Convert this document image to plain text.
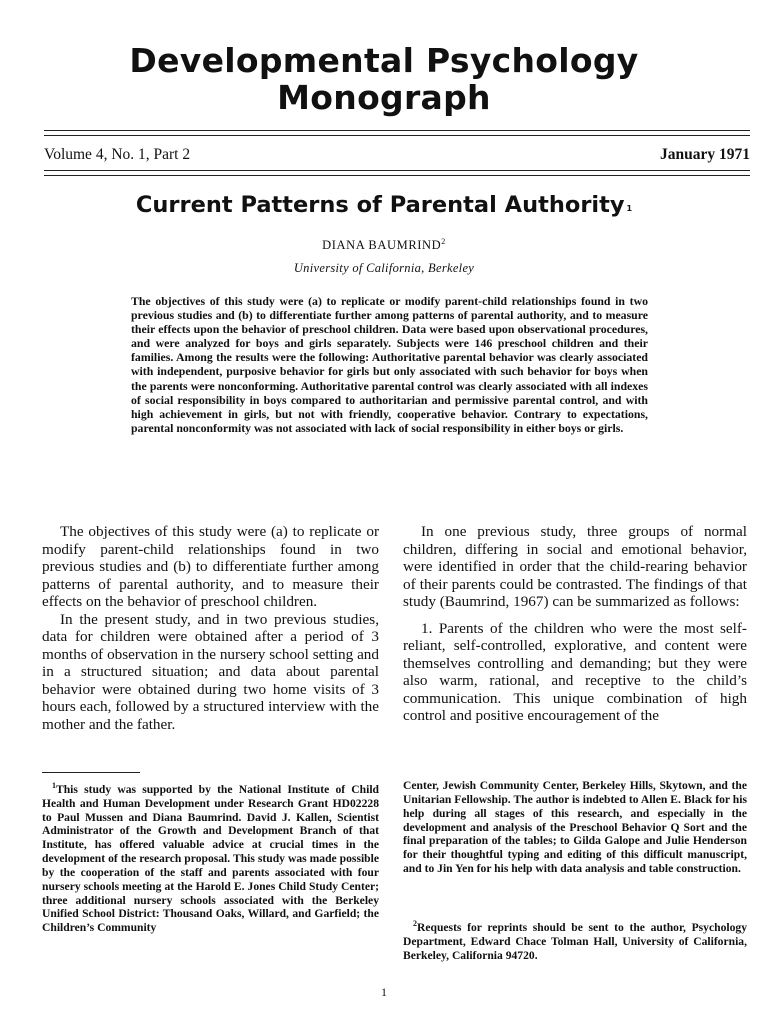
Developmental Psychology
Monograph
Volume 4, No. 1, Part 2	January 1971
Current Patterns of Parental Authority $^1$
DIANA BAUMRIND$^2$
University of California, Berkeley

The objectives of this study were (a) to replicate or modify parent-child relationships found in two previous studies and (b) to differentiate further among patterns of parental authority, and to measure their effects upon the behavior of preschool children. Data were based upon observational procedures, and were analyzed for boys and girls separately. Subjects were 146 preschool children and their families. Among the results were the following: Authoritative parental behavior was clearly associated with independent, purposive behavior for girls but only associated with such behavior for boys when the parents were nonconforming. Authoritative parental control was clearly associated with all indexes of social responsibility in boys compared to authoritarian and permissive parental control, and with high achievement in girls, but not with friendly, cooperative behavior. Contrary to expectations, parental nonconformity was not associated with lack of social responsibility in either boys or girls.

The objectives of this study were (a) to replicate or modify parent-child relationships found in two previous studies and (b) to differentiate further among patterns of parental authority, and to measure their effects on the behavior of preschool children.

In the present study, and in two previous studies, data for children were obtained after a period of 3 months of observation in the nursery school setting and in a structured situation; and data about parental behavior were obtained during two home visits of 3 hours each, followed by a structured interview with the mother and the father.

In one previous study, three groups of normal children, differing in social and emotional behavior, were identified in order that the child-rearing behavior of their parents could be contrasted. The findings of that study (Baumrind, 1967) can be summarized as follows:

1. Parents of the children who were the most self-reliant, self-controlled, explorative, and content were themselves controlling and demanding; but they were also warm, rational, and receptive to the child’s communication. This unique combination of high control and positive encouragement of the

$^1$This study was supported by the National Institute of Child Health and Human Development under Research Grant HD02228 to Paul Mussen and Diana Baumrind. David J. Kallen, Scientist Administrator of the Growth and Development Branch of that Institute, has offered valuable advice at crucial times in the development of the research proposal. This study was made possible by the cooperation of the staff and parents associated with four nursery schools meeting at the Harold E. Jones Child Study Center; three additional nursery schools associated with the Berkeley Unified School District: Thousand Oaks, Willard, and Garfield; the Children’s Community

Center, Jewish Community Center, Berkeley Hills, Skytown, and the Unitarian Fellowship. The author is indebted to Allen E. Black for his help during all stages of this research, and especially in the development and analysis of the Preschool Behavior Q Sort and the final preparation of the tables; to Gilda Galope and Julie Henderson for their thoughtful typing and editing of this difficult manuscript, and to Jin Yen for his help with data analysis and table construction.

$^2$Requests for reprints should be sent to the author, Psychology Department, Edward Chace Tolman Hall, University of California, Berkeley, California 94720.

1
